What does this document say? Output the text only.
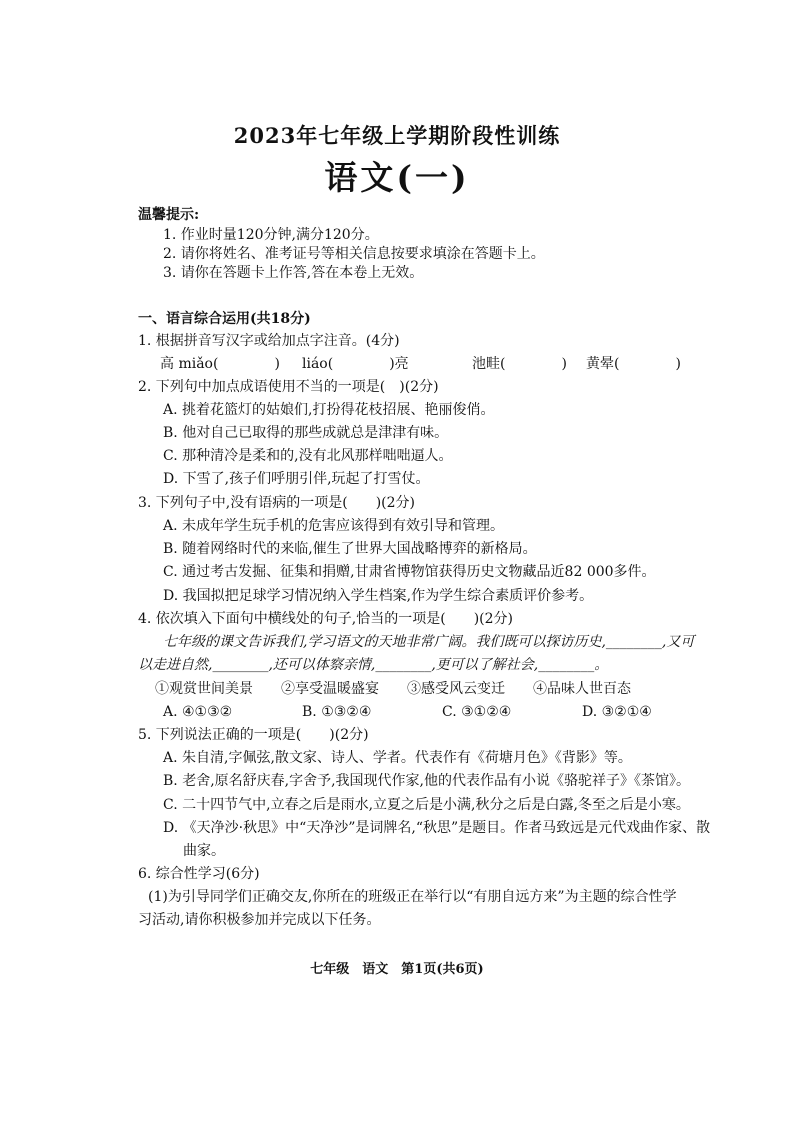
2023年七年级上学期阶段性训练
语文(一)
温馨提示:
1. 作业时量120分钟,满分120分。
2. 请你将姓名、准考证号等相关信息按要求填涂在答题卡上。
3. 请你在答题卡上作答,答在本卷上无效。
一、语言综合运用(共18分)
1. 根据拼音写汉字或给加点字注音。(4分)
高 miǎo(　　　　) liáo(　　　　)亮	池畦(　　　　) 黄晕(　　　　)
2. 下列句中加点成语使用不当的一项是(　)(2分)
A. 挑着花篮灯的姑娘们,打扮得花枝招展、艳丽俊俏。
B. 他对自己已取得的那些成就总是津津有味。
C. 那种清冷是柔和的,没有北风那样咄咄逼人。
D. 下雪了,孩子们呼朋引伴,玩起了打雪仗。
3. 下列句子中,没有语病的一项是(　　)(2分)
A. 未成年学生玩手机的危害应该得到有效引导和管理。
B. 随着网络时代的来临,催生了世界大国战略博弈的新格局。
C. 通过考古发掘、征集和捐赠,甘肃省博物馆获得历史文物藏品近82 000多件。
D. 我国拟把足球学习情况纳入学生档案,作为学生综合素质评价参考。
4. 依次填入下面句中横线处的句子,恰当的一项是(　　)(2分)
七年级的课文告诉我们,学习语文的天地非常广阔。我们既可以探访历史,________,又可
以走进自然,________,还可以体察亲情,________,更可以了解社会,________。
①观赏世间美景　　②享受温暖盛宴　　③感受风云变迁　　④品味人世百态
A. ④①③②	B. ①③②④	C. ③①②④	D. ③②①④
5. 下列说法正确的一项是(　　)(2分)
A. 朱自清,字佩弦,散文家、诗人、学者。代表作有《荷塘月色》《背影》等。
B. 老舍,原名舒庆春,字舍予,我国现代作家,他的代表作品有小说《骆驼祥子》《茶馆》。
C. 二十四节气中,立春之后是雨水,立夏之后是小满,秋分之后是白露,冬至之后是小寒。
D. 《天净沙·秋思》中“天净沙”是词牌名,“秋思”是题目。作者马致远是元代戏曲作家、散
曲家。
6. 综合性学习(6分)
(1)为引导同学们正确交友,你所在的班级正在举行以“有朋自远方来”为主题的综合性学
习活动,请你积极参加并完成以下任务。
七年级　语文　第1页(共6页)
